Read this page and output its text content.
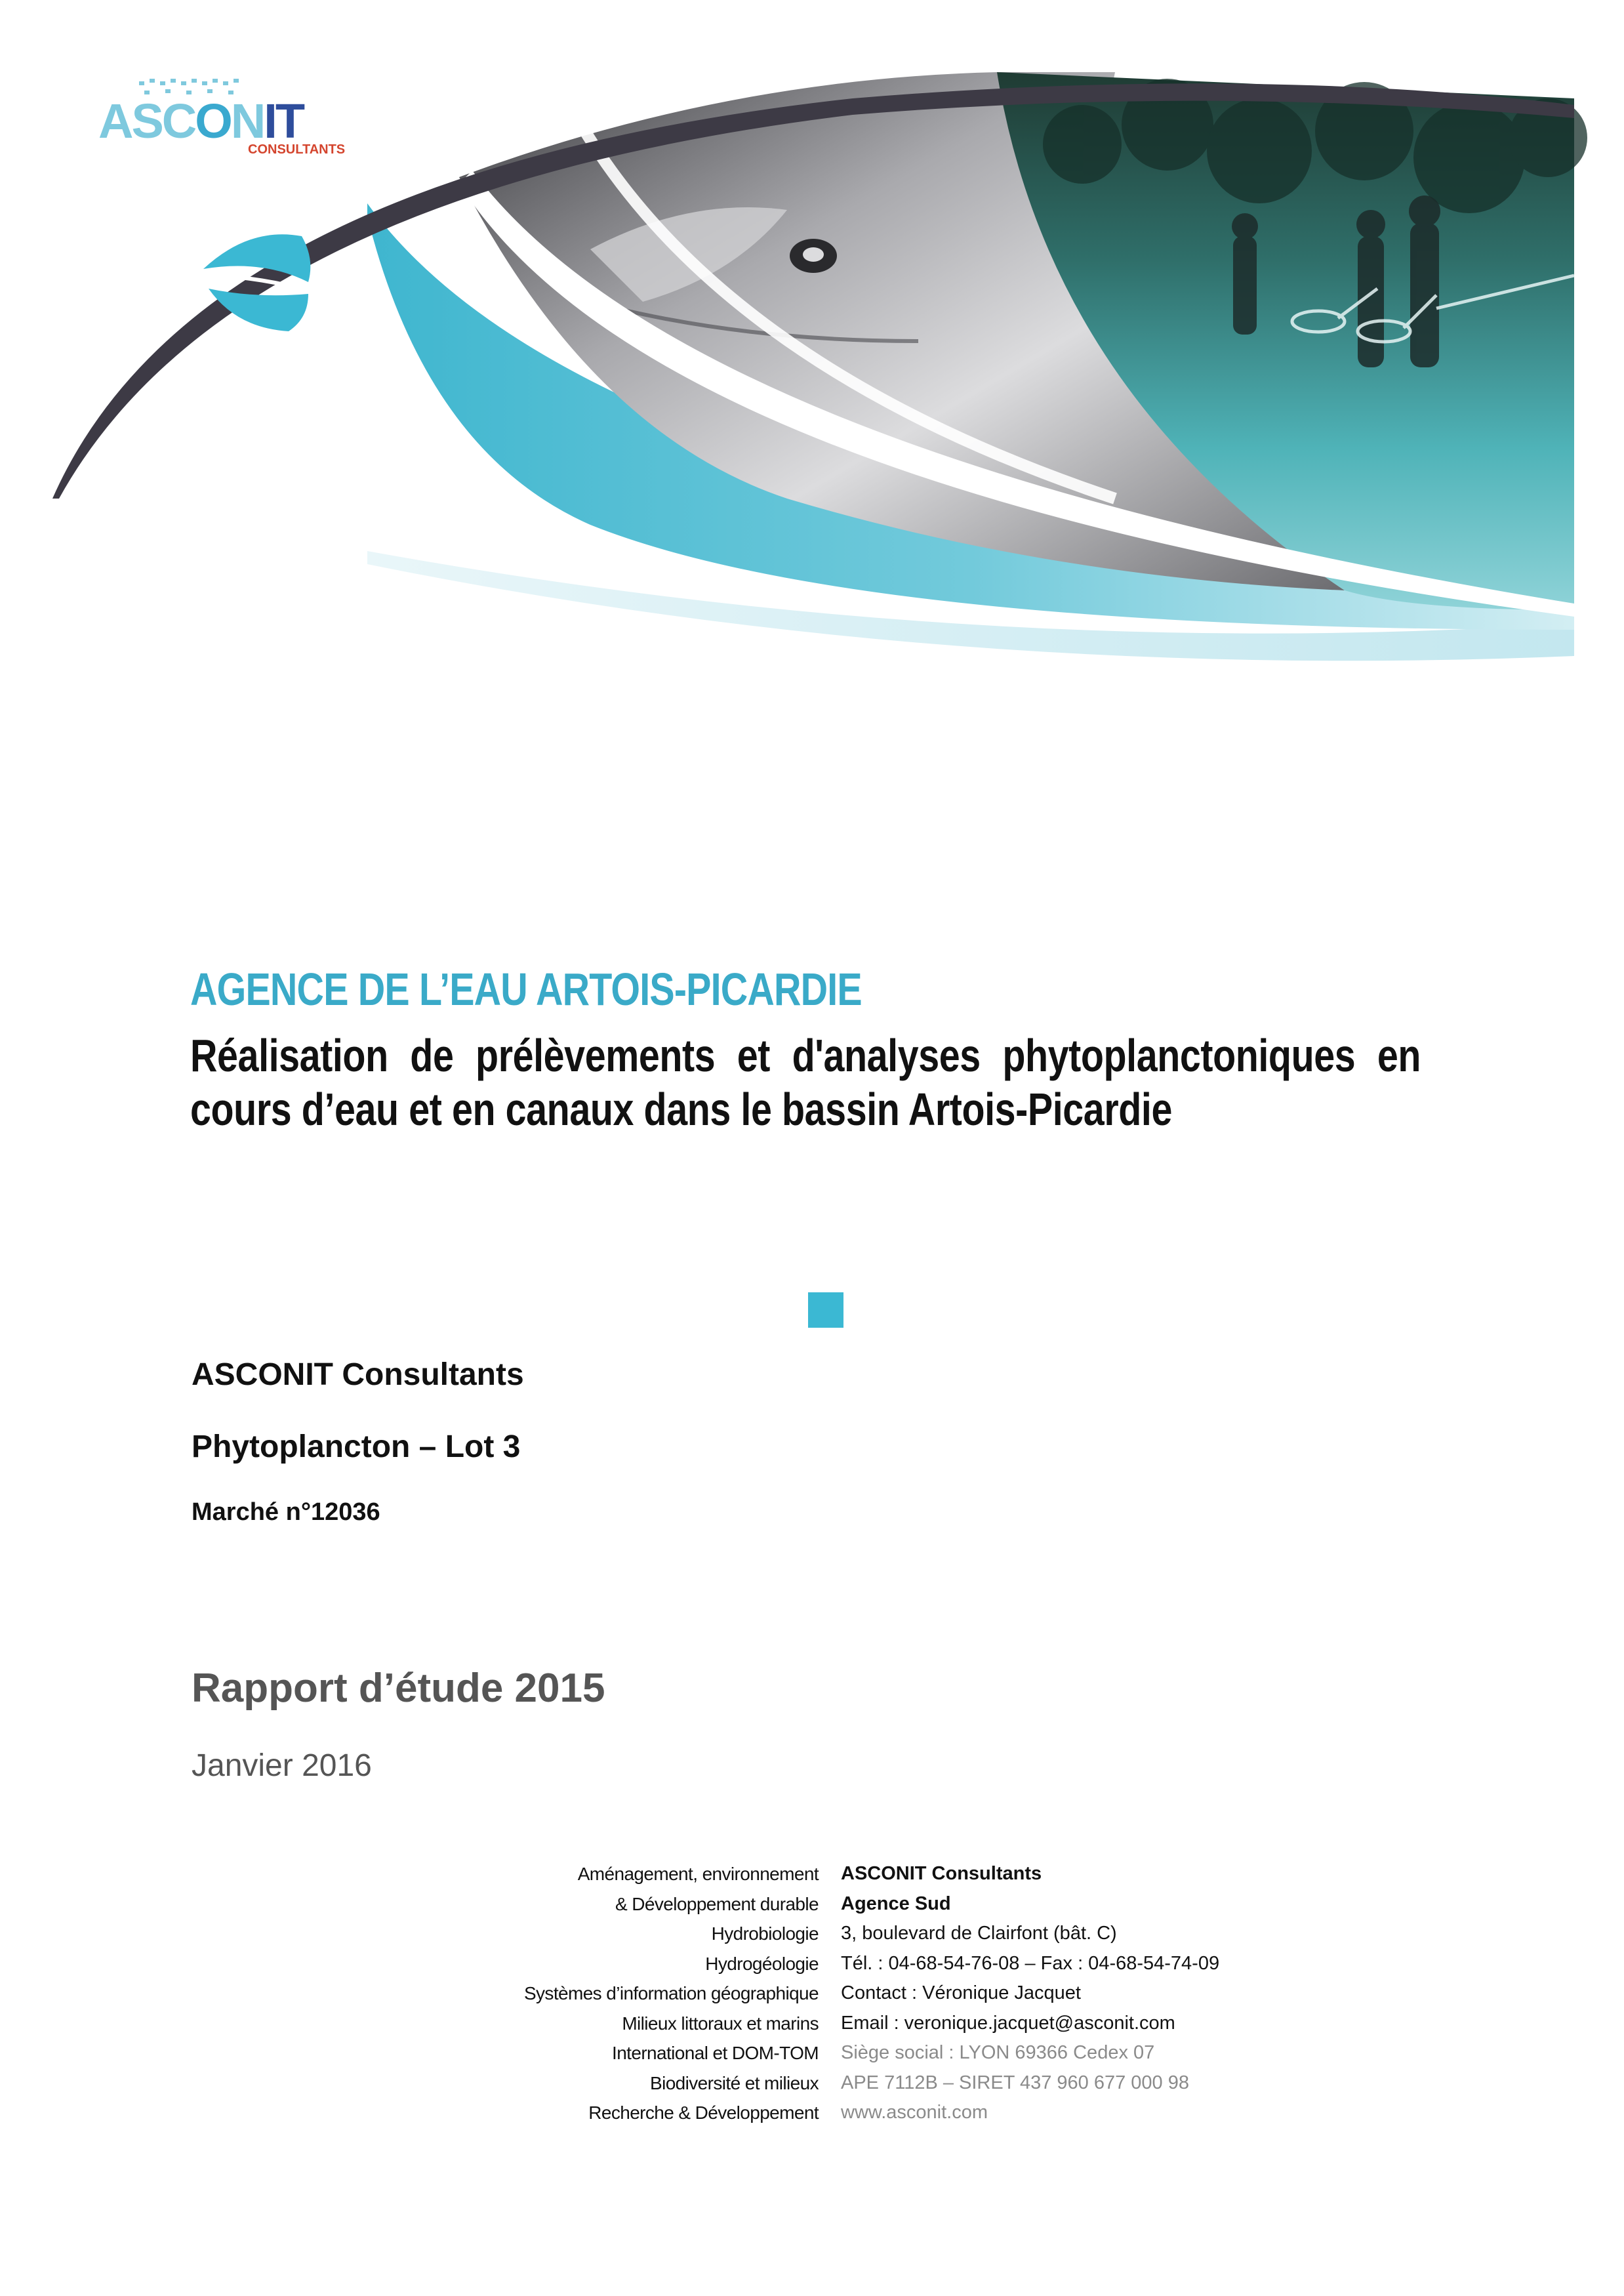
ASCONIT
CONSULTANTS
AGENCE DE L’EAU ARTOIS-PICARDIE
Réalisation de prélèvements et d'analyses phytoplanctoniques en
cours d’eau et en canaux dans le bassin Artois-Picardie
ASCONIT Consultants
Phytoplancton – Lot 3
Marché n°12036
Rapport d’étude 2015
Janvier 2016
Aménagement, environnement
& Développement durable
Hydrobiologie
Hydrogéologie
Systèmes d’information géographique
Milieux littoraux et marins
International et DOM-TOM
Biodiversité et milieux
Recherche & Développement
ASCONIT Consultants
Agence Sud
3, boulevard de Clairfont (bât. C)
Tél. : 04-68-54-76-08 – Fax : 04-68-54-74-09
Contact : Véronique Jacquet
Email : veronique.jacquet@asconit.com
Siège social : LYON 69366 Cedex 07
APE 7112B – SIRET 437 960 677 000 98
www.asconit.com
